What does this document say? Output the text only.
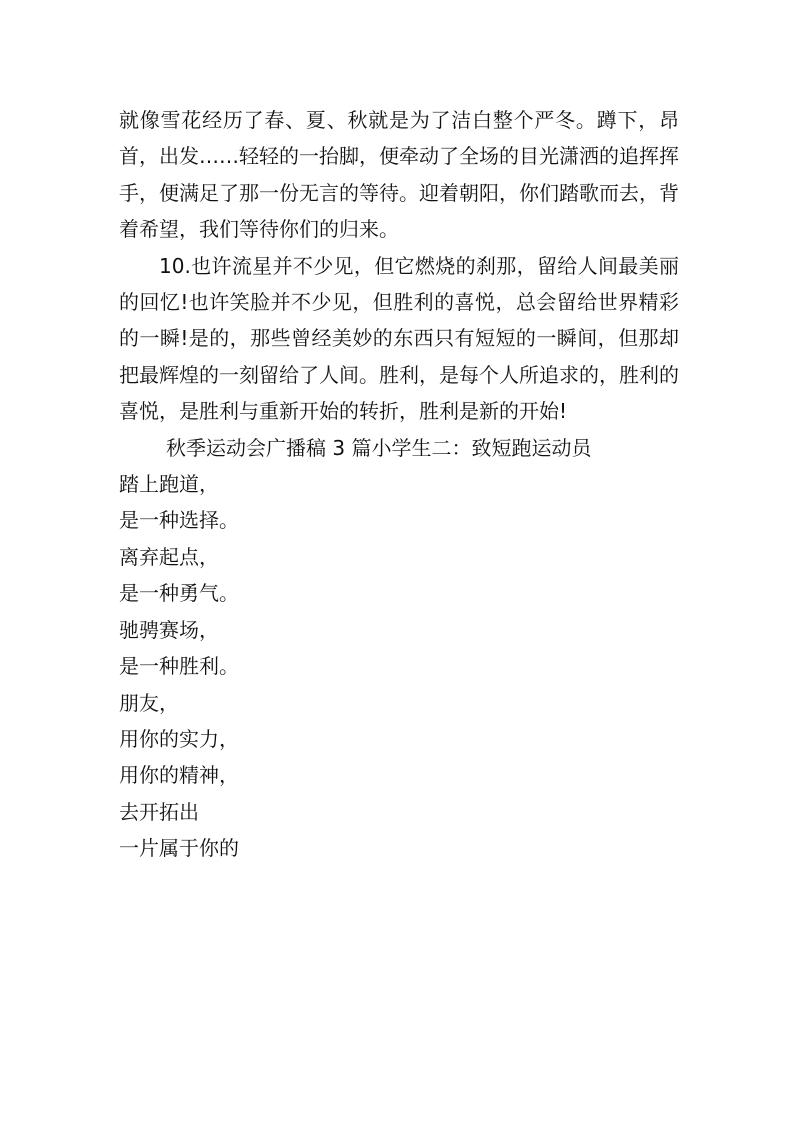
就像雪花经历了春、夏、秋就是为了洁白整个严冬。蹲下，昂首，出发……轻轻的一抬脚，便牵动了全场的目光潇洒的追挥挥手，便满足了那一份无言的等待。迎着朝阳，你们踏歌而去，背着希望，我们等待你们的归来。

10.也许流星并不少见，但它燃烧的刹那，留给人间最美丽的回忆!也许笑脸并不少见，但胜利的喜悦，总会留给世界精彩的一瞬!是的，那些曾经美妙的东西只有短短的一瞬间，但那却把最辉煌的一刻留给了人间。胜利，是每个人所追求的，胜利的喜悦，是胜利与重新开始的转折，胜利是新的开始!

秋季运动会广播稿 3 篇小学生二：致短跑运动员

踏上跑道，
是一种选择。
离弃起点，
是一种勇气。
驰骋赛场，
是一种胜利。
朋友，
用你的实力，
用你的精神，
去开拓出
一片属于你的
